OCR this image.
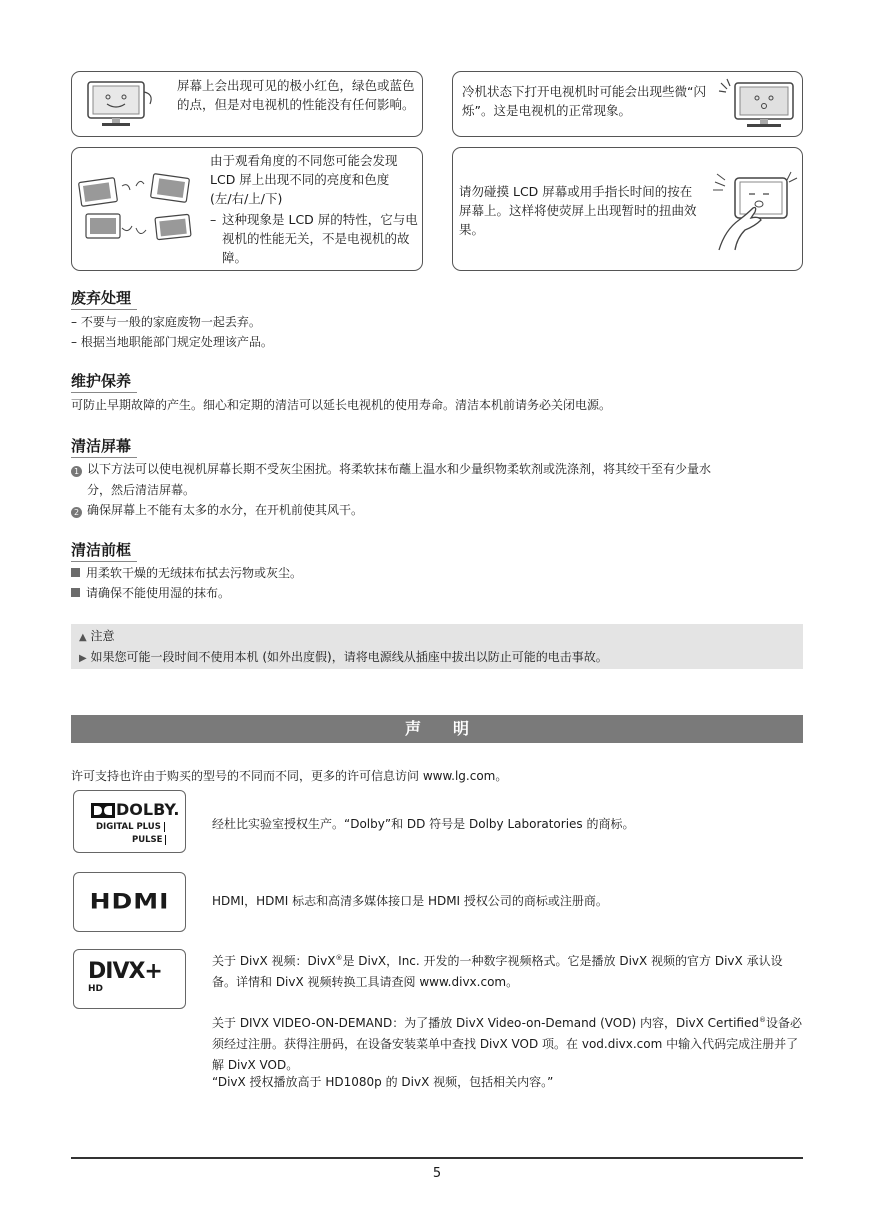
屏幕上会出现可见的极小红色，绿色或蓝色的点，但是对电视机的性能没有任何影响。
冷机状态下打开电视机时可能会出现些微“闪烁”。这是电视机的正常现象。
由于观看角度的不同您可能会发现
LCD 屏上出现不同的亮度和色度
(左/右/上/下)
– 这种现象是 LCD 屏的特性，它与电视机的性能无关，不是电视机的故障。
请勿碰摸 LCD 屏幕或用手指长时间的按在屏幕上。这样将使荧屏上出现暂时的扭曲效果。
废弃处理
– 不要与一般的家庭废物一起丢弃。
– 根据当地职能部门规定处理该产品。
维护保养
可防止早期故障的产生。细心和定期的清洁可以延长电视机的使用寿命。清洁本机前请务必关闭电源。
清洁屏幕
1 以下方法可以使电视机屏幕长期不受灰尘困扰。将柔软抹布蘸上温水和少量织物柔软剂或洗涤剂，将其绞干至有少量水
分，然后清洁屏幕。
2 确保屏幕上不能有太多的水分，在开机前使其风干。
清洁前框
用柔软干燥的无绒抹布拭去污物或灰尘。
请确保不能使用湿的抹布。
▲ 注意
▶ 如果您可能一段时间不使用本机 (如外出度假)，请将电源线从插座中拔出以防止可能的电击事故。
声　　明
许可支持也许由于购买的型号的不同而不同，更多的许可信息访问 www.lg.com。
DOLBY.
DIGITAL PLUS
PULSE
经杜比实验室授权生产。“Dolby”和 DD 符号是 Dolby Laboratories 的商标。
HDMI	HDMI，HDMI 标志和高清多媒体接口是 HDMI 授权公司的商标或注册商。
DIVX+
HD
关于 DivX 视频：DivX®是 DivX，Inc. 开发的一种数字视频格式。它是播放 DivX 视频的官方 DivX 承认设备。详情和 DivX 视频转换工具请查阅 www.divx.com。
关于 DIVX VIDEO-ON-DEMAND：为了播放 DivX Video-on-Demand (VOD) 内容，DivX Certified®设备必须经过注册。获得注册码，在设备安装菜单中查找 DivX VOD 项。在 vod.divx.com 中输入代码完成注册并了解 DivX VOD。
“DivX 授权播放高于 HD1080p 的 DivX 视频，包括相关内容。”
5
